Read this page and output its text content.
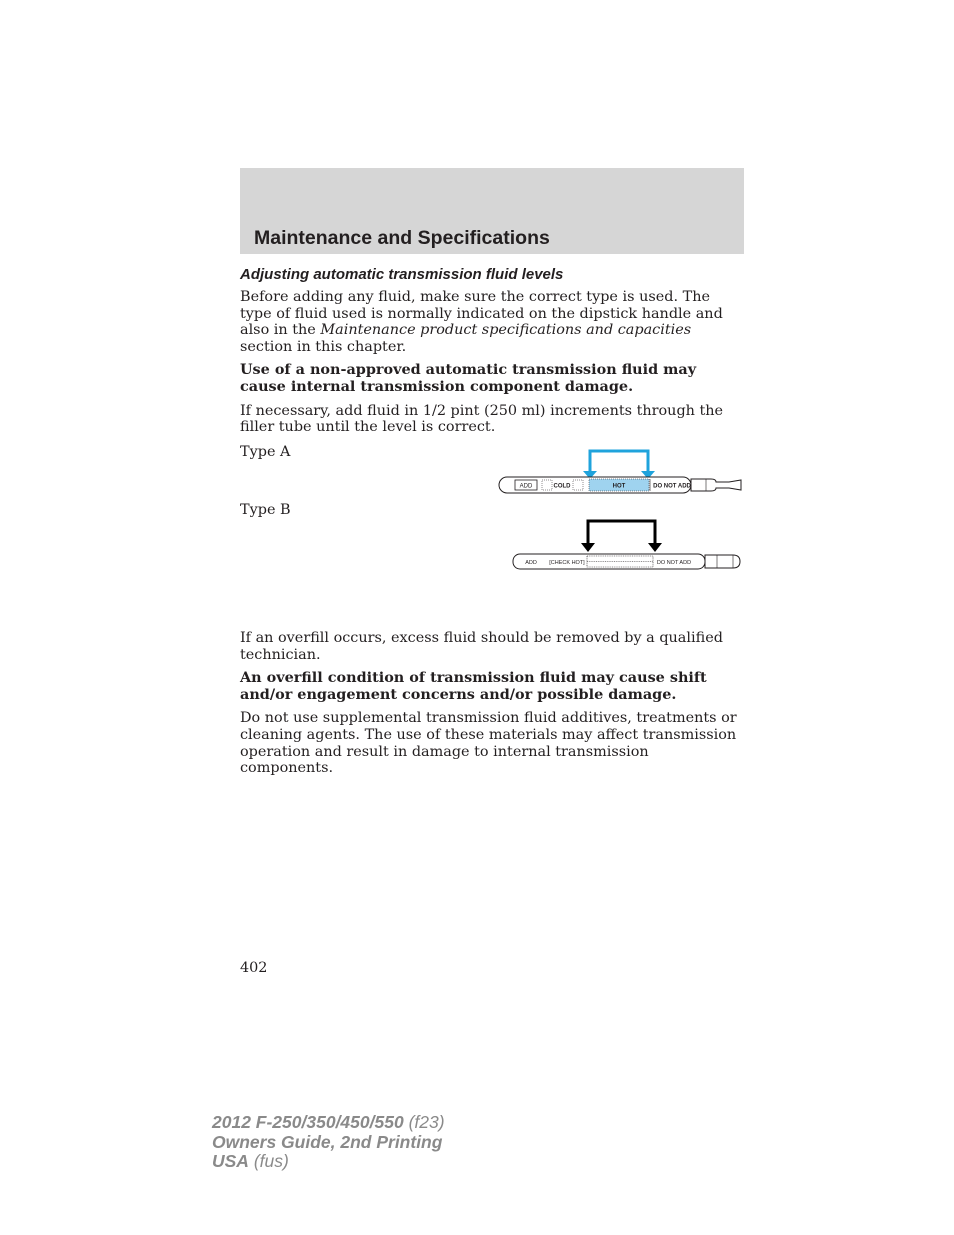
Maintenance and Specifications
Adjusting automatic transmission fluid levels

Before adding any fluid, make sure the correct type is used. The type of fluid used is normally indicated on the dipstick handle and also in the Maintenance product specifications and capacities section in this chapter.

Use of a non-approved automatic transmission fluid may cause internal transmission component damage.

If necessary, add fluid in 1/2 pint (250 ml) increments through the filler tube until the level is correct.

Type A
Type B
ADD	COLD	HOT	DO NOT ADD
ADD [CHECK HOT]	DO NOT ADD

If an overfill occurs, excess fluid should be removed by a qualified technician.

An overfill condition of transmission fluid may cause shift and/or engagement concerns and/or possible damage.

Do not use supplemental transmission fluid additives, treatments or cleaning agents. The use of these materials may affect transmission operation and result in damage to internal transmission components.

402
2012 F-250/350/450/550 (f23)
Owners Guide, 2nd Printing
USA (fus)
